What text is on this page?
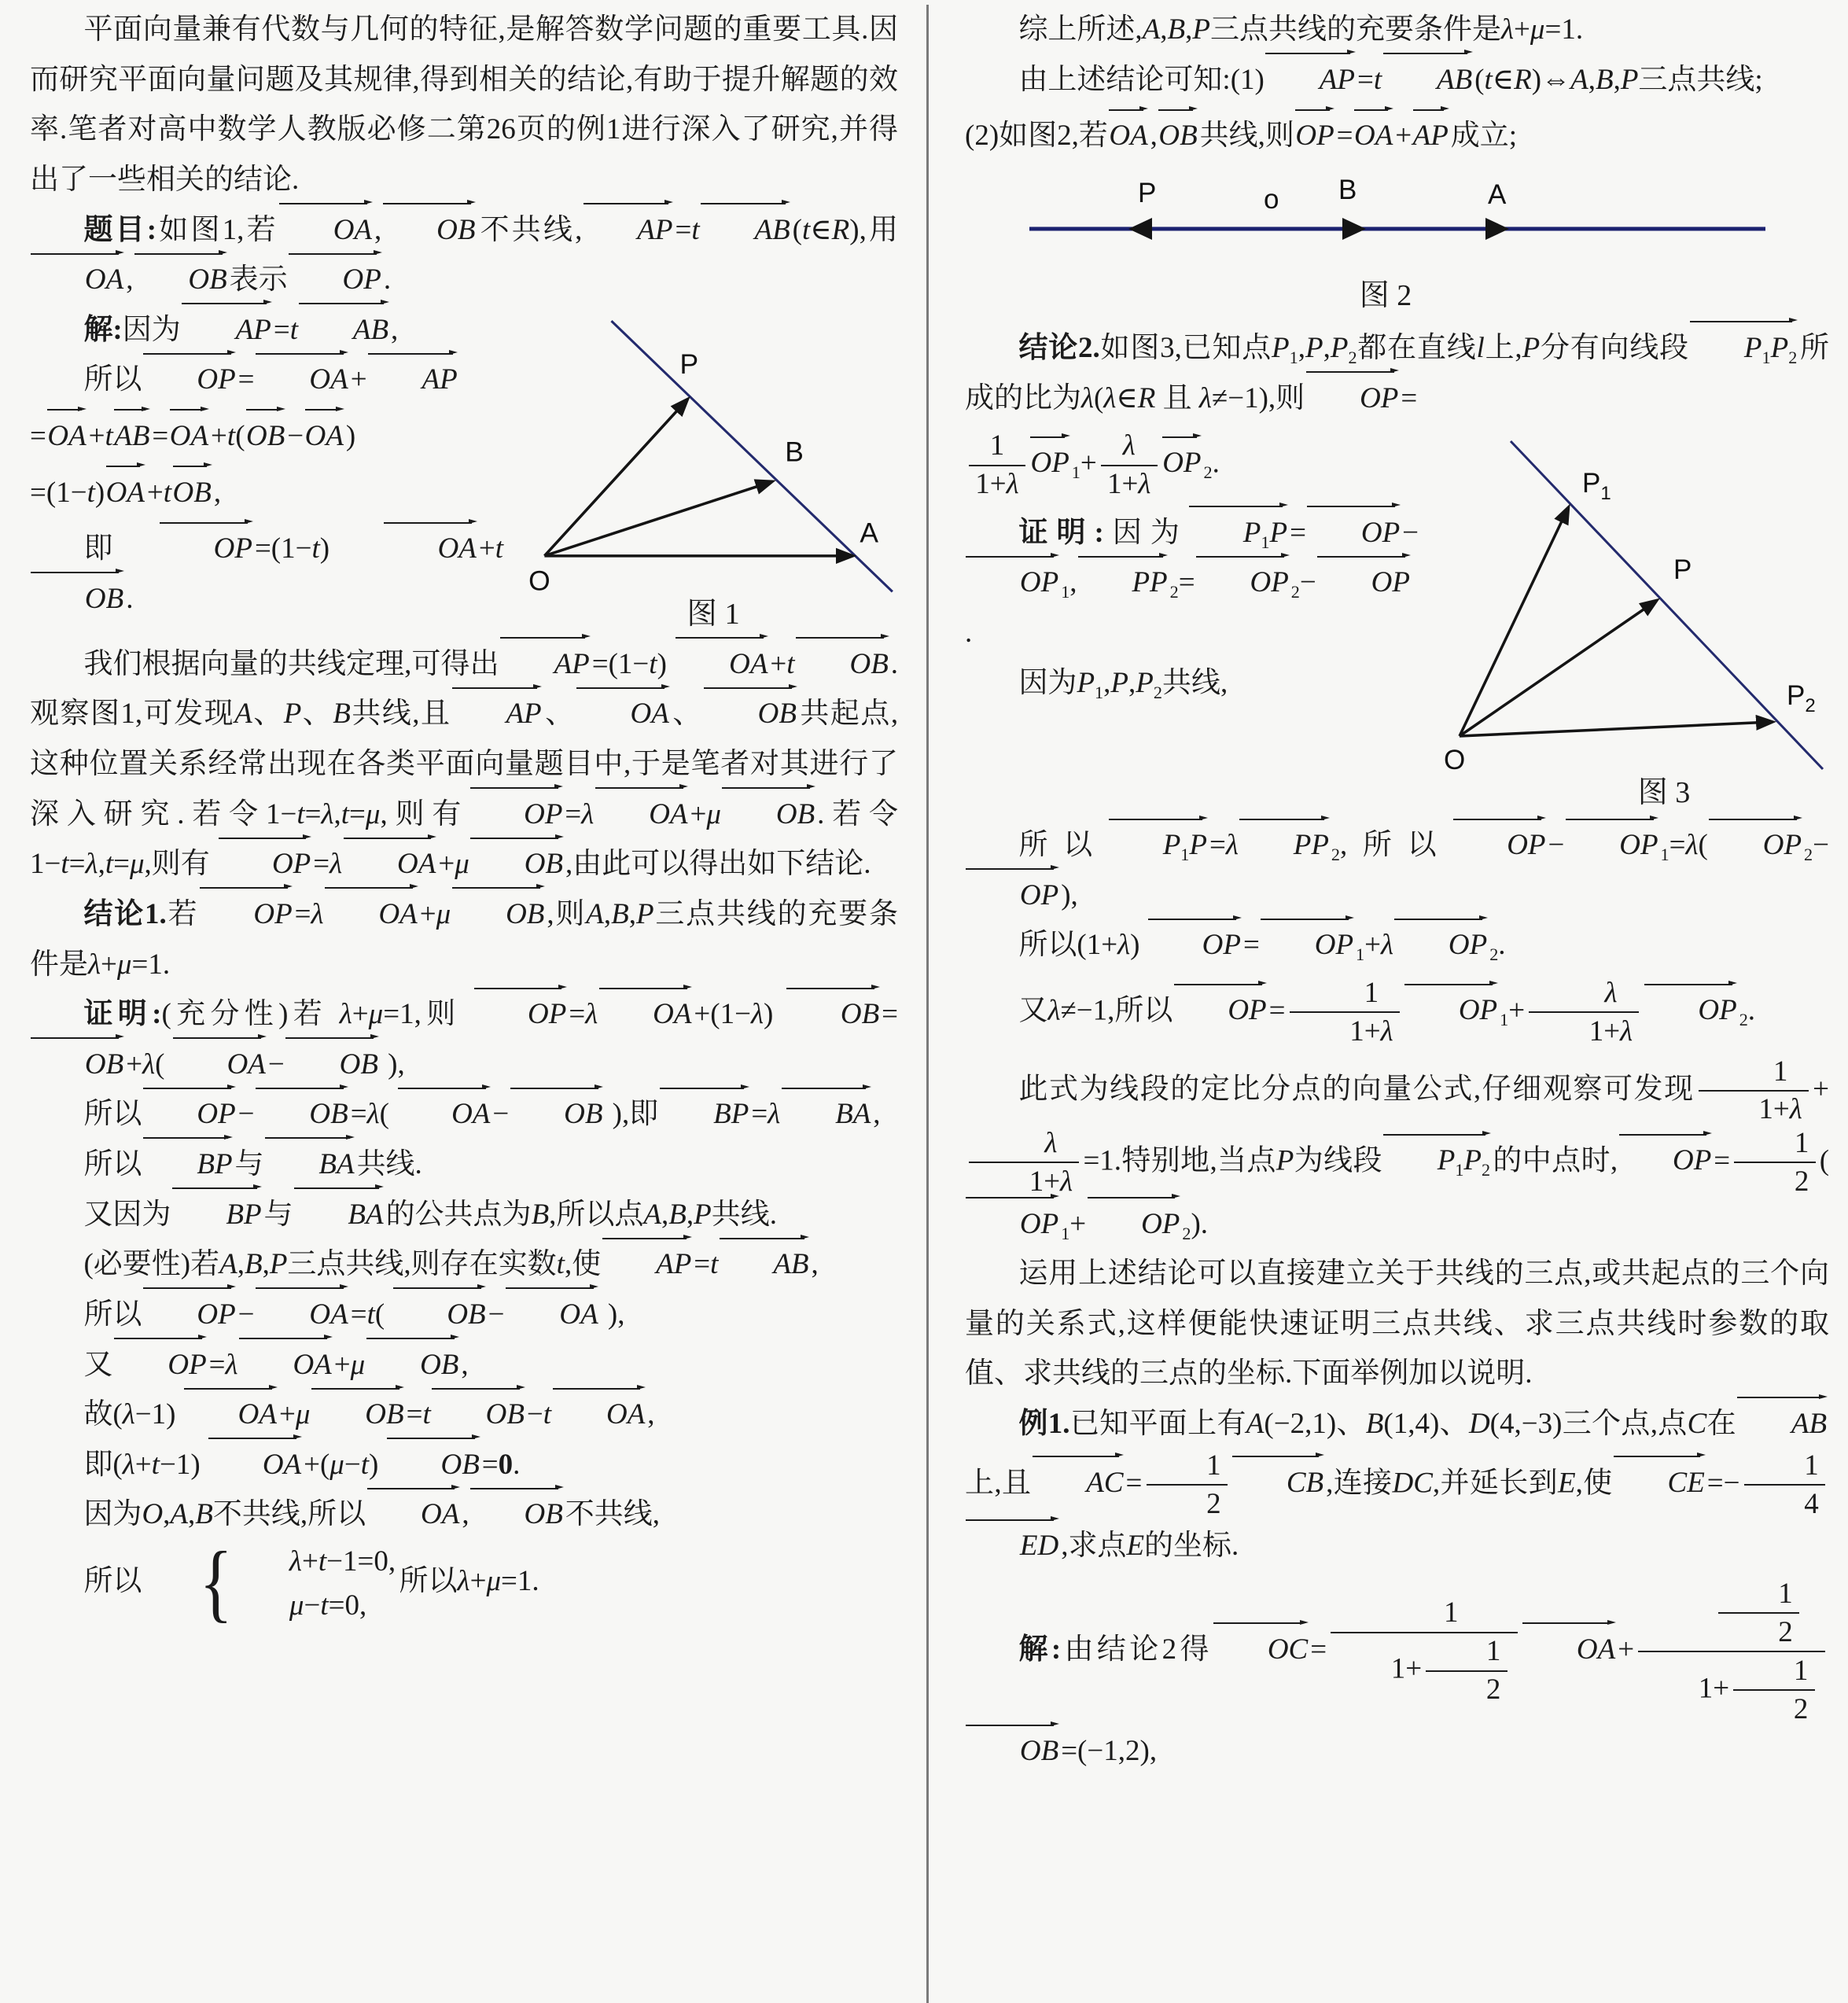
平面向量兼有代数与几何的特征,是解答数学问题的重要工具.因而研究平面向量问题及其规律,得到相关的结论,有助于提升解题的效率.笔者对高中数学人教版必修二第26页的例1进行深入了研究,并得出了一些相关的结论.
题目:如图1,若 OA, OB不共线, AP=t AB(t∈R),用OA, OB表示 OP.
P
B
A
O
图 1
解:因为 AP=t AB,
所以 OP= OA+ AP
=OA+tAB=OA+t(OB−OA)
=(1−t)OA+tOB,
即 OP=(1−t) OA+tOB.
我们根据向量的共线定理,可得出 AP=(1−t) OA+t OB.观察图1,可发现A、P、B共线,且 AP、 OA、 OB共起点,这种位置关系经常出现在各类平面向量题目中,于是笔者对其进行了深入研究.若令1−t=λ,t=μ,则有 OP=λ OA+μ OB.若令1−t=λ,t=μ,则有 OP=λ OA+μ OB,由此可以得出如下结论.
结论1.若 OP=λ OA+μ OB,则A,B,P三点共线的充要条件是λ+μ=1.
证明:(充分性)若 λ+μ=1,则 OP=λ OA+(1−λ) OB=OB+λ( OA− OB ),
所以 OP− OB=λ( OA− OB ),即 BP=λ BA,
所以 BP与 BA共线.
又因为 BP与 BA的公共点为B,所以点A,B,P共线.
(必要性)若A,B,P三点共线,则存在实数t,使 AP=t AB,
所以 OP− OA=t( OB− OA ),
又 OP=λ OA+μ OB,
故(λ−1) OA+μ OB=t OB−t OA,
即(λ+t−1) OA+(μ−t) OB=0.
因为O,A,B不共线,所以 OA, OB不共线,
所以
{ λ+t−1=0,
μ−t=0,
所以λ+μ=1.
综上所述,A,B,P三点共线的充要条件是λ+μ=1.
由上述结论可知:(1) AP=t AB(t∈R)⇔A,B,P三点共线;
(2)如图2,若OA,OB共线,则OP=OA+AP成立;
P	o B	A
图 2
结论2.如图3,已知点$P_1,P,P_2$都在直线l上,P分有向线段 $P_1P_2$所成的比为λ(λ∈R 且 λ≠−1),则 OP=
$P_1$
P
$P_2$
O
图 3
$\frac{1}{1+\lambda}$ OP $_1+ \frac{\lambda}{1+\lambda}$ OP $_2$.
证明:因为 $P_1P= OP-OP$ $_1$, PP $_2$= OP $_2$− OP.
因为$P_1,P,P_2$共线,
所以 $P_1P=\lambda$ PP $_2$,所以 OP− OP $_1$=λ( OP $_2$−OP),
所以(1+λ) OP= OP $_1$+λ OP $_2$.
又λ≠−1,所以 $OP= \frac{1}{1+\lambda}$ OP $_1+ \frac{\lambda}{1+\lambda}$ OP $_2$.
此式为线段的定比分点的向量公式,仔细观察可发现 $\frac{1}{1+\lambda}$ +
$\frac{\lambda}{1+\lambda} =1$.特别地,当点P为线段 $P_1P_2$的中点时, $OP= \frac{1}{2} (OP$ $_1$+ OP $_2$).
运用上述结论可以直接建立关于共线的三点,或共起点的三个向量的关系式,这样便能快速证明三点共线、求三点共线时参数的取值、求共线的三点的坐标.下面举例加以说明.
例1.已知平面上有A(−2,1)、B(1,4)、D(4,−3)三个点,点C在 AB上,且 $AC= \frac{1}{2}$ CB,连接DC,并延长到E,使 $CE=- \frac{1}{4}$
ED,求点E的坐标.
解:由结论2得 $OC= \frac{1}{1+ \frac{1}{2}} OA+ \frac{\frac{1}{2}}{1+ \frac{1}{2}}$
OB=(−1,2),
